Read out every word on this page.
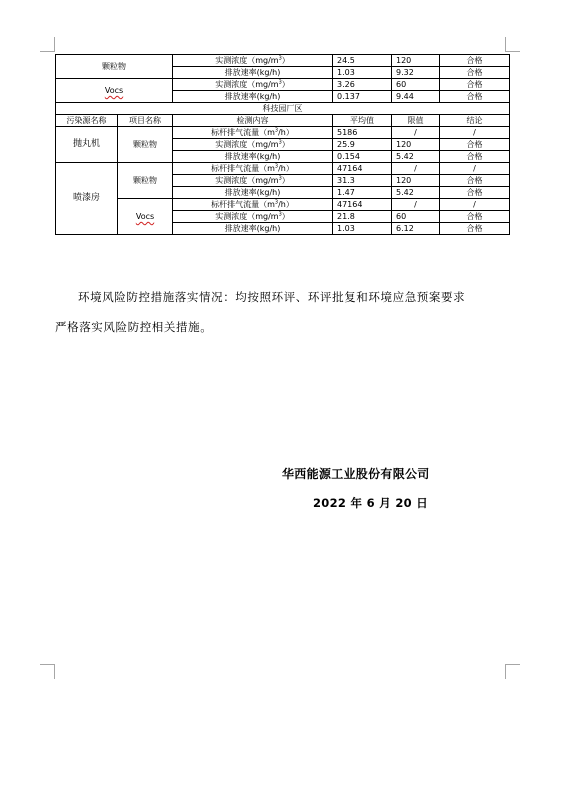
颗粒物		实测浓度$(mg/m^3)$	24.5	120	合格
		排放速率(kg/h)	1.03	9.32	合格
Vocs		实测浓度$(mg/m^3)$	3.26	60	合格
		排放速率(kg/h)	0.137	9.44	合格
科技园厂区					
污染源名称	项目名称	检测内容	平均值	限值	结论
抛丸机	颗粒物	标杆排气流量$(m^3/h)$	5186	/	/
		实测浓度$(mg/m^3)$	25.9	120	合格
		排放速率(kg/h)	0.154	5.42	合格
喷漆房	颗粒物	标杆排气流量$(m^3/h)$	47164	/	/
		实测浓度$(mg/m^3)$	31.3	120	合格
		排放速率(kg/h)	1.47	5.42	合格
	Vocs	标杆排气流量$(m^3/h)$	47164	/	/
		实测浓度$(mg/m^3)$	21.8	60	合格
		排放速率(kg/h)	1.03	6.12	合格
环境风险防控措施落实情况：均按照环评、环评批复和环境应急预案要求
严格落实风险防控相关措施。
华西能源工业股份有限公司
2022 年 6 月 20 日
